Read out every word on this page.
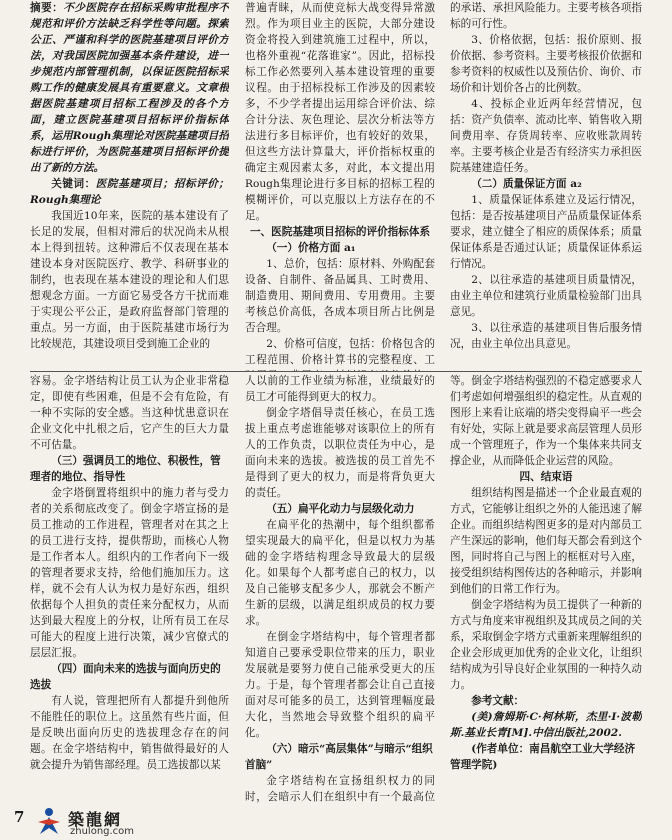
摘要：不少医院存在招标采购审批程序不规范和评价方法缺乏科学性等问题。探索公正、严谨和科学的医院基建项目评价方法，对我国医院加强基本条件建设，进一步规范内部管理机制，以保证医院招标采购工作的健康发展具有重要意义。文章根据医院基建项目招标工程涉及的各个方面，建立医院基建项目招标评价指标体系，运用Rough集理论对医院基建项目招标进行评价，为医院基建项目招标评价提出了新的方法。

关键词：医院基建项目；招标评价；Rough集理论

我国近10年来，医院的基本建设有了长足的发展，但相对滞后的状况尚未从根本上得到扭转。这种滞后不仅表现在基本建设本身对医院医疗、教学、科研事业的制约，也表现在基本建设的理论和人们思想观念方面。一方面它易受各方干扰而难于实现公平公正，是政府监督部门管理的重点。另一方面，由于医院基建市场行为比较规范，其建设项目受到施工企业的

普遍青睐，从而使竞标大战变得异常激烈。作为项目业主的医院，大部分建设资金将投入到建筑施工过程中，所以，也格外重视“花落谁家”。因此，招标投标工作必然要列入基本建设管理的重要议程。由于招标投标工作涉及的因素较多，不少学者提出运用综合评价法、综合计分法、灰色理论、层次分析法等方法进行多目标评价，也有较好的效果，但这些方法计算量大，评价指标权重的确定主观因素太多，对此，本文提出用Rough集理论进行多目标的招标工程的模糊评价，可以克服以上方法存在的不足。

一、医院基建项目招标的评价指标体系

（一）价格方面 a₁

1、总价，包括：原材料、外购配套设备、自制件、备品属具、工时费用、制造费用、期间费用、专用费用。主要考核总价高低，各成本项目所占比例是否合理。

2、价格可信度，包括：价格包含的工程范围、价格计算书的完整程度、工

的承诺、承担风险能力。主要考核各项指标的可行性。

3、价格依据，包括：报价原则、报价依据、参考资料。主要考核报价依据和参考资料的权威性以及预估价、询价、市场价和计划价各占的比例数。

4、投标企业近两年经营情况，包括：资产负债率、流动比率、销售收入期间费用率、存货周转率、应收账款周转率。主要考核企业是否有经济实力承担医院基建建造任务。

（二）质量保证方面 a₂

1、质量保证体系建立及运行情况，包括：是否按基建项目产品质量保证体系要求，建立健全了相应的质保体系；质量保证体系是否通过认证；质量保证体系运行情况。

2、以往承造的基建项目质量情况，由业主单位和建筑行业质量检验部门出具意见。

3、以往承造的基建项目售后服务情况，由业主单位出具意见。

容易。金字塔结构让员工认为企业非常稳定，即使有些困难，但是不会有危险，有一种不实际的安全感。当这种忧患意识在企业文化中扎根之后，它产生的巨大力量不可估量。

（三）强调员工的地位、积极性，管理者的地位、指导性

金字塔倒置将组织中的施力者与受力者的关系彻底改变了。倒金字塔宣扬的是员工推动的工作进程，管理者对在其之上的员工进行支持，提供帮助，而核心人物是工作者本人。组织内的工作者向下一级的管理者要求支持，给他们施加压力。这样，就不会有人认为权力是好东西，组织依据每个人担负的责任来分配权力，从而达到最大程度上的分权，让所有员工在尽可能大的程度上进行决策，减少官僚式的层层汇报。

（四）面向未来的选拔与面向历史的选拔

有人说，管理把所有人都提升到他所不能胜任的职位上。这虽然有些片面，但是反映出面向历史的选拔理念存在的问题。在金字塔结构中，销售做得最好的人就会提升为销售部经理。员工选拔都以某

人以前的工作业绩为标准，业绩最好的员工才可能得到更大的权力。

倒金字塔倡导责任核心，在员工选拔上重点考虑谁能够对该职位上的所有人的工作负责，以职位责任为中心，是面向未来的选拔。被选拔的员工首先不是得到了更大的权力，而是将背负更大的责任。

（五）扁平化动力与层级化动力

在扁平化的热潮中，每个组织都希望实现最大的扁平化，但是以权力为基础的金字塔结构理念导致最大的层级化。如果每个人都考虑自己的权力，以及自己能够支配多少人，那就会不断产生新的层级，以满足组织成员的权力要求。

在倒金字塔结构中，每个管理者都知道自己要承受职位带来的压力，职业发展就是要努力使自己能承受更大的压力。于是，每个管理者都会让自己直接面对尽可能多的员工，达到管理幅度最大化，当然地会导致整个组织的扁平化。

（六）暗示“高层集体”与暗示“组织首脑”

金字塔结构在宣扬组织权力的同时，会暗示人们在组织中有一个最高位

等。倒金字塔结构强烈的不稳定感要求人们考虑如何增强组织的稳定性。从直观的图形上来看让底端的塔尖变得扁平一些会有好处，实际上就是要求高层管理人员形成一个管理班子，作为一个集体来共同支撑企业，从而降低企业运营的风险。

四、结束语

组织结构图是描述一个企业最直观的方式，它能够让组织之外的人能迅速了解企业。而组织结构图更多的是对内部员工产生深远的影响，他们每天都会看到这个图，同时将自己与图上的框框对号入座，接受组织结构图传达的各种暗示，并影响到他们的日常工作行为。

倒金字塔结构为员工提供了一种新的方式与角度来审视组织及其成员之间的关系，采取倒金字塔方式重新来理解组织的企业会形成更加优秀的企业文化，让组织结构成为引导良好企业氛围的一种持久动力。

参考文献：

(美)詹姆斯·C·柯林斯，杰里·I·波勒斯.基业长青[M].中信出版社,2002.

(作者单位：南昌航空工业大学经济管理学院)

7	築龍網
zhulong.com
